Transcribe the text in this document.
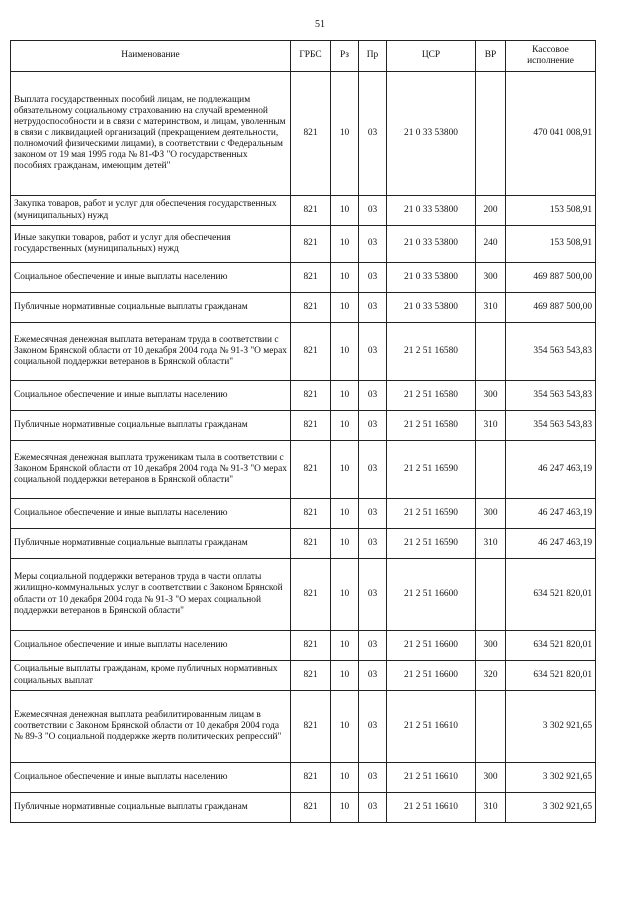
51
Наименование	ГРБС	Рз	Пр	ЦСР	ВР	Кассовое исполнение
Выплата государственных пособий лицам, не подлежащим обязательному социальному страхованию на случай временной нетрудоспособности и в связи с материнством, и лицам, уволенным в связи с ликвидацией организаций (прекращением деятельности, полномочий физическими лицами), в соответствии с Федеральным законом от 19 мая 1995 года № 81-ФЗ "О государственных пособиях гражданам, имеющим детей"	821	10	03	21 0 33 53800		470 041 008,91
Закупка товаров, работ и услуг для обеспечения государственных (муниципальных) нужд	821	10	03	21 0 33 53800	200	153 508,91
Иные закупки товаров, работ и услуг для обеспечения государственных (муниципальных) нужд	821	10	03	21 0 33 53800	240	153 508,91
Социальное обеспечение и иные выплаты населению	821	10	03	21 0 33 53800	300	469 887 500,00
Публичные нормативные социальные выплаты гражданам	821	10	03	21 0 33 53800	310	469 887 500,00
Ежемесячная денежная выплата ветеранам труда в соответствии с Законом Брянской области от 10 декабря 2004 года № 91-З "О мерах социальной поддержки ветеранов в Брянской области"	821	10	03	21 2 51 16580		354 563 543,83
Социальное обеспечение и иные выплаты населению	821	10	03	21 2 51 16580	300	354 563 543,83
Публичные нормативные социальные выплаты гражданам	821	10	03	21 2 51 16580	310	354 563 543,83
Ежемесячная денежная выплата труженикам тыла в соответствии с Законом Брянской области от 10 декабря 2004 года № 91-З "О мерах социальной поддержки ветеранов в Брянской области"	821	10	03	21 2 51 16590		46 247 463,19
Социальное обеспечение и иные выплаты населению	821	10	03	21 2 51 16590	300	46 247 463,19
Публичные нормативные социальные выплаты гражданам	821	10	03	21 2 51 16590	310	46 247 463,19
Меры социальной поддержки ветеранов труда в части оплаты жилищно-коммунальных услуг в соответствии с Законом Брянской области от 10 декабря 2004 года № 91-З "О мерах социальной поддержки ветеранов в Брянской области"	821	10	03	21 2 51 16600		634 521 820,01
Социальное обеспечение и иные выплаты населению	821	10	03	21 2 51 16600	300	634 521 820,01
Социальные выплаты гражданам, кроме публичных нормативных социальных выплат	821	10	03	21 2 51 16600	320	634 521 820,01
Ежемесячная денежная выплата реабилитированным лицам в соответствии с Законом Брянской области от 10 декабря 2004 года № 89-З "О социальной поддержке жертв политических репрессий"	821	10	03	21 2 51 16610		3 302 921,65
Социальное обеспечение и иные выплаты населению	821	10	03	21 2 51 16610	300	3 302 921,65
Публичные нормативные социальные выплаты гражданам	821	10	03	21 2 51 16610	310	3 302 921,65
